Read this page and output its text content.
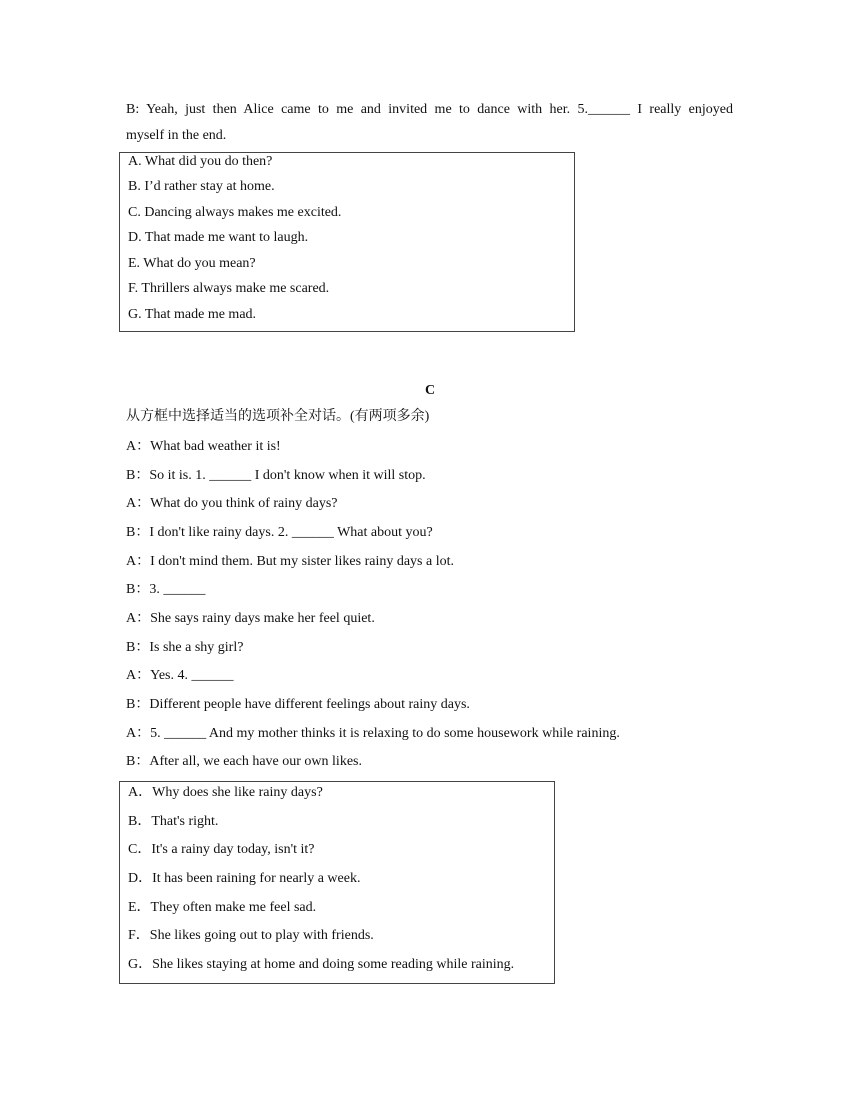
B: Yeah, just then Alice came to me and invited me to dance with her. 5.______ I really enjoyed

myself in the end.

A. What did you do then?

B. I’d rather stay at home.

C. Dancing always makes me excited.

D. That made me want to laugh.

E. What do you mean?

F. Thrillers always make me scared.

G. That made me mad.

C

从方框中选择适当的选项补全对话。(有两项多余)

A：What bad weather it is!

B：So it is. 1. ______ I don't know when it will stop.

A：What do you think of rainy days?

B：I don't like rainy days. 2. ______ What about you?

A：I don't mind them. But my sister likes rainy days a lot.

B：3. ______

A：She says rainy days make her feel quiet.

B：Is she a shy girl?

A：Yes. 4. ______

B：Different people have different feelings about rainy days.

A：5. ______ And my mother thinks it is relaxing to do some housework while raining.

B：After all, we each have our own likes.

A．Why does she like rainy days?

B．That's right.

C．It's a rainy day today, isn't it?

D．It has been raining for nearly a week.

E．They often make me feel sad.

F．She likes going out to play with friends.

G．She likes staying at home and doing some reading while raining.
